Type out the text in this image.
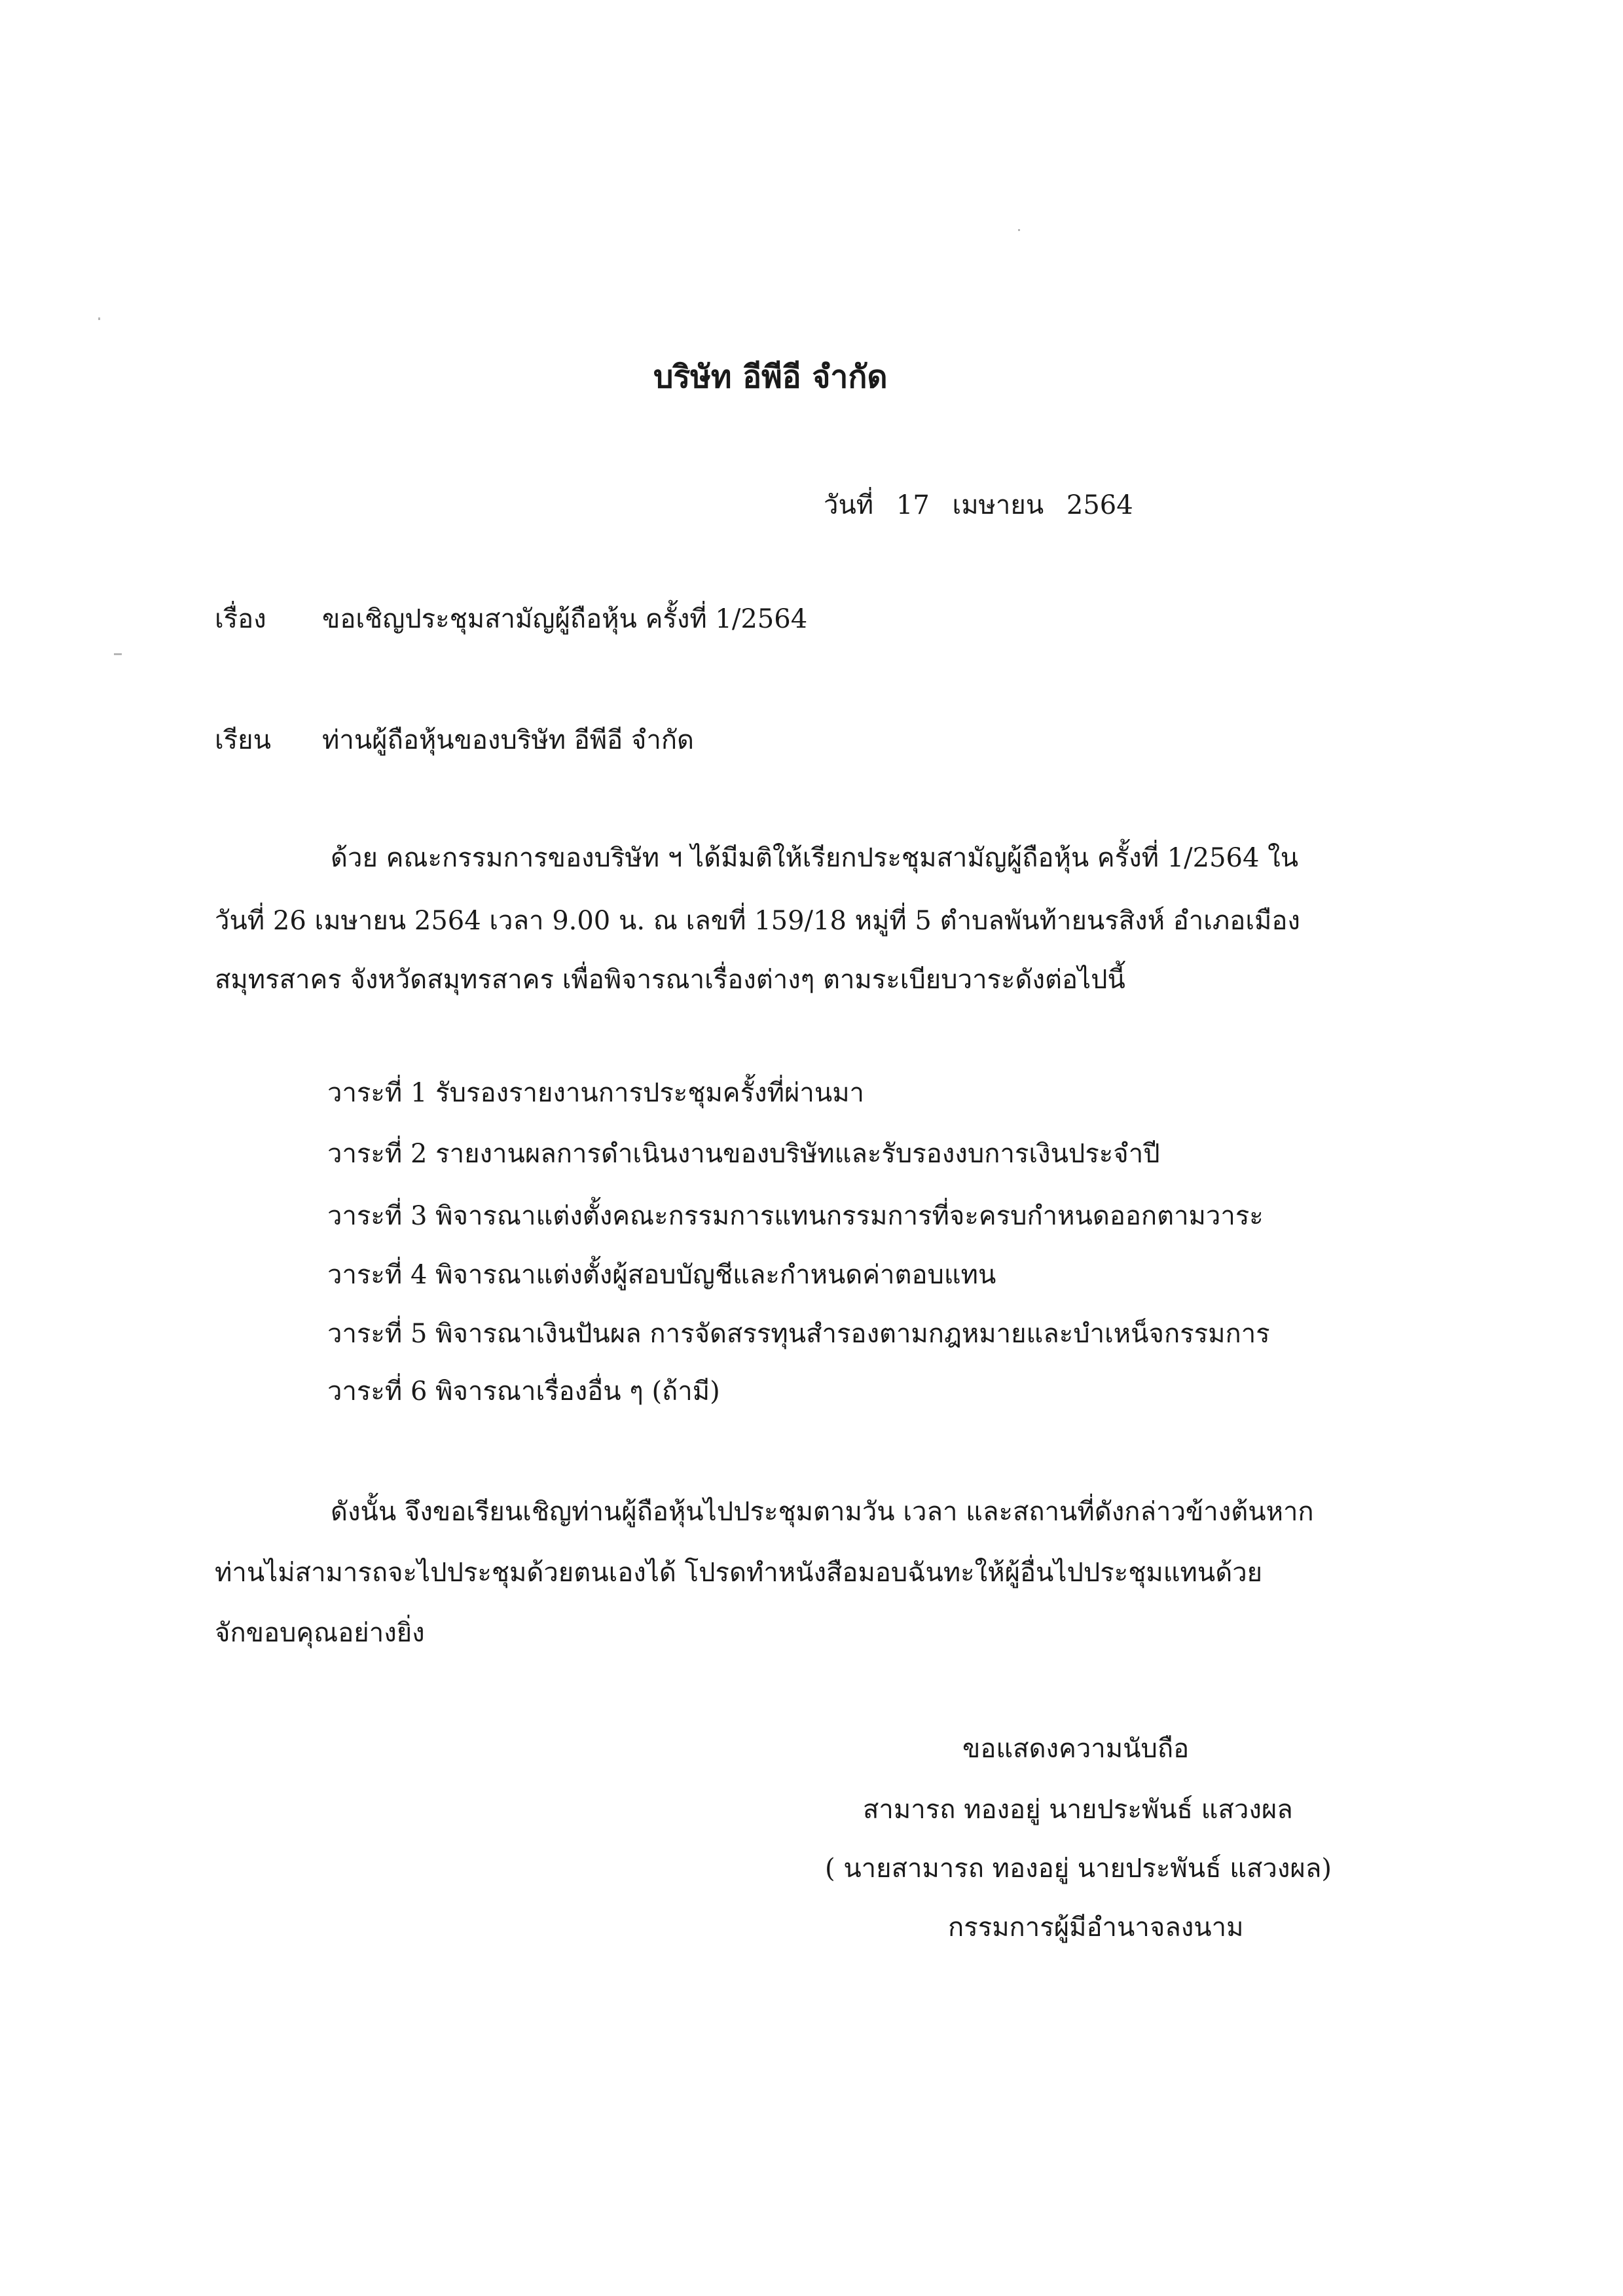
บริษัท อีพีอี จำกัด
วันที่ 17 เมษายน 2564
เรื่อง ขอเชิญประชุมสามัญผู้ถือหุ้น ครั้งที่ 1/2564
เรียน ท่านผู้ถือหุ้นของบริษัท อีพีอี จำกัด
ด้วย คณะกรรมการของบริษัท ฯ ได้มีมติให้เรียกประชุมสามัญผู้ถือหุ้น ครั้งที่ 1/2564 ใน
วันที่ 26 เมษายน 2564 เวลา 9.00 น. ณ เลขที่ 159/18 หมู่ที่ 5 ตำบลพันท้ายนรสิงห์ อำเภอเมือง
สมุทรสาคร จังหวัดสมุทรสาคร เพื่อพิจารณาเรื่องต่างๆ ตามระเบียบวาระดังต่อไปนี้
วาระที่ 1 รับรองรายงานการประชุมครั้งที่ผ่านมา
วาระที่ 2 รายงานผลการดำเนินงานของบริษัทและรับรองงบการเงินประจำปี
วาระที่ 3 พิจารณาแต่งตั้งคณะกรรมการแทนกรรมการที่จะครบกำหนดออกตามวาระ
วาระที่ 4 พิจารณาแต่งตั้งผู้สอบบัญชีและกำหนดค่าตอบแทน
วาระที่ 5 พิจารณาเงินปันผล การจัดสรรทุนสำรองตามกฎหมายและบำเหน็จกรรมการ
วาระที่ 6 พิจารณาเรื่องอื่น ๆ (ถ้ามี)
ดังนั้น จึงขอเรียนเชิญท่านผู้ถือหุ้นไปประชุมตามวัน เวลา และสถานที่ดังกล่าวข้างต้นหาก
ท่านไม่สามารถจะไปประชุมด้วยตนเองได้ โปรดทำหนังสือมอบฉันทะให้ผู้อื่นไปประชุมแทนด้วย
จักขอบคุณอย่างยิ่ง
ขอแสดงความนับถือ
สามารถ ทองอยู่ นายประพันธ์ แสวงผล
( นายสามารถ ทองอยู่ นายประพันธ์ แสวงผล)
กรรมการผู้มีอำนาจลงนาม
